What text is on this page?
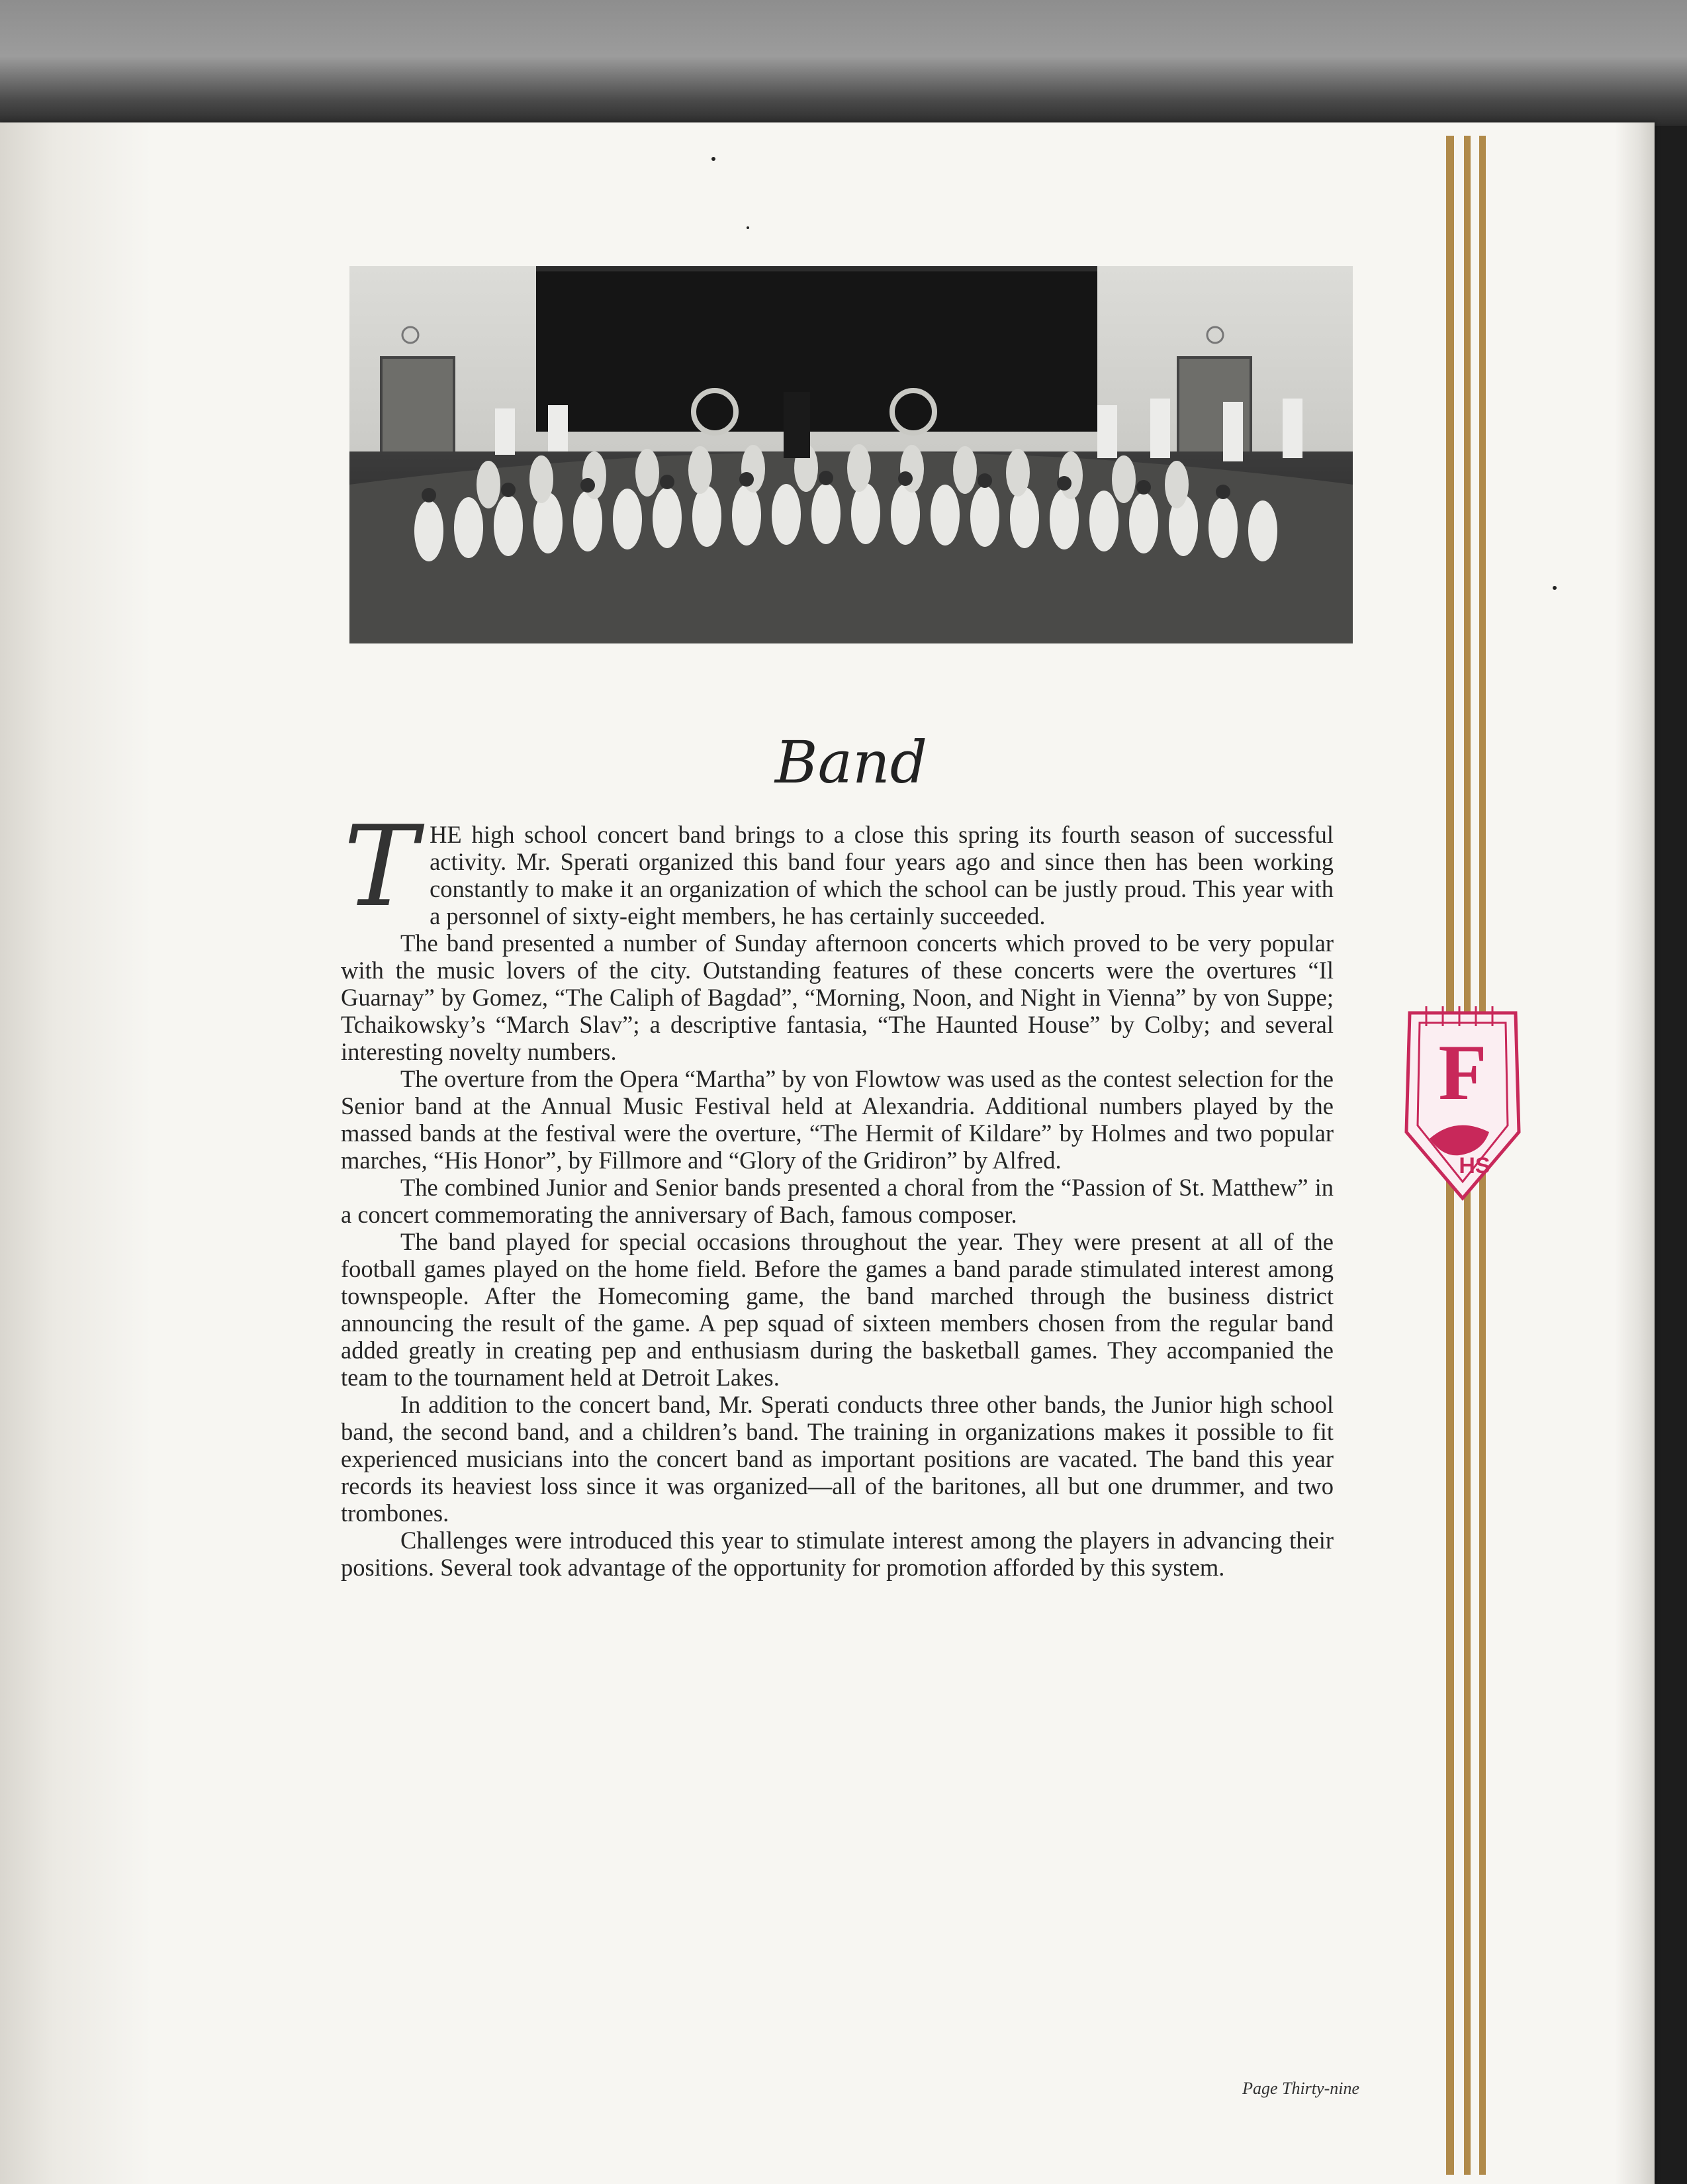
Band

T HE high school concert band brings to a close this spring its fourth season of successful activity. Mr. Sperati organized this band four years ago and since then has been working constantly to make it an organization of which the school can be justly proud. This year with a personnel of sixty-eight members, he has certainly succeeded.

The band presented a number of Sunday afternoon concerts which proved to be very popular with the music lovers of the city. Outstanding features of these concerts were the overtures “Il Guarnay” by Gomez, “The Caliph of Bagdad”, “Morning, Noon, and Night in Vienna” by von Suppe; Tchaikowsky’s “March Slav”; a descriptive fantasia, “The Haunted House” by Colby; and several interesting novelty numbers.

The overture from the Opera “Martha” by von Flowtow was used as the contest selection for the Senior band at the Annual Music Festival held at Alexandria. Additional numbers played by the massed bands at the festival were the overture, “The Hermit of Kildare” by Holmes and two popular marches, “His Honor”, by Fillmore and “Glory of the Gridiron” by Alfred.

The combined Junior and Senior bands presented a choral from the “Passion of St. Matthew” in a concert commemorating the anniversary of Bach, famous composer.

The band played for special occasions throughout the year. They were present at all of the football games played on the home field. Before the games a band parade stimulated interest among townspeople. After the Homecoming game, the band marched through the business district announcing the result of the game. A pep squad of sixteen members chosen from the regular band added greatly in creating pep and enthusiasm during the basketball games. They accompanied the team to the tournament held at Detroit Lakes.

In addition to the concert band, Mr. Sperati conducts three other bands, the Junior high school band, the second band, and a children’s band. The training in organizations makes it possible to fit experienced musicians into the concert band as important positions are vacated. The band this year records its heaviest loss since it was organized—all of the baritones, all but one drummer, and two trombones.

Challenges were introduced this year to stimulate interest among the players in advancing their positions. Several took advantage of the opportunity for promotion afforded by this system.

F
HS
Page Thirty-nine
